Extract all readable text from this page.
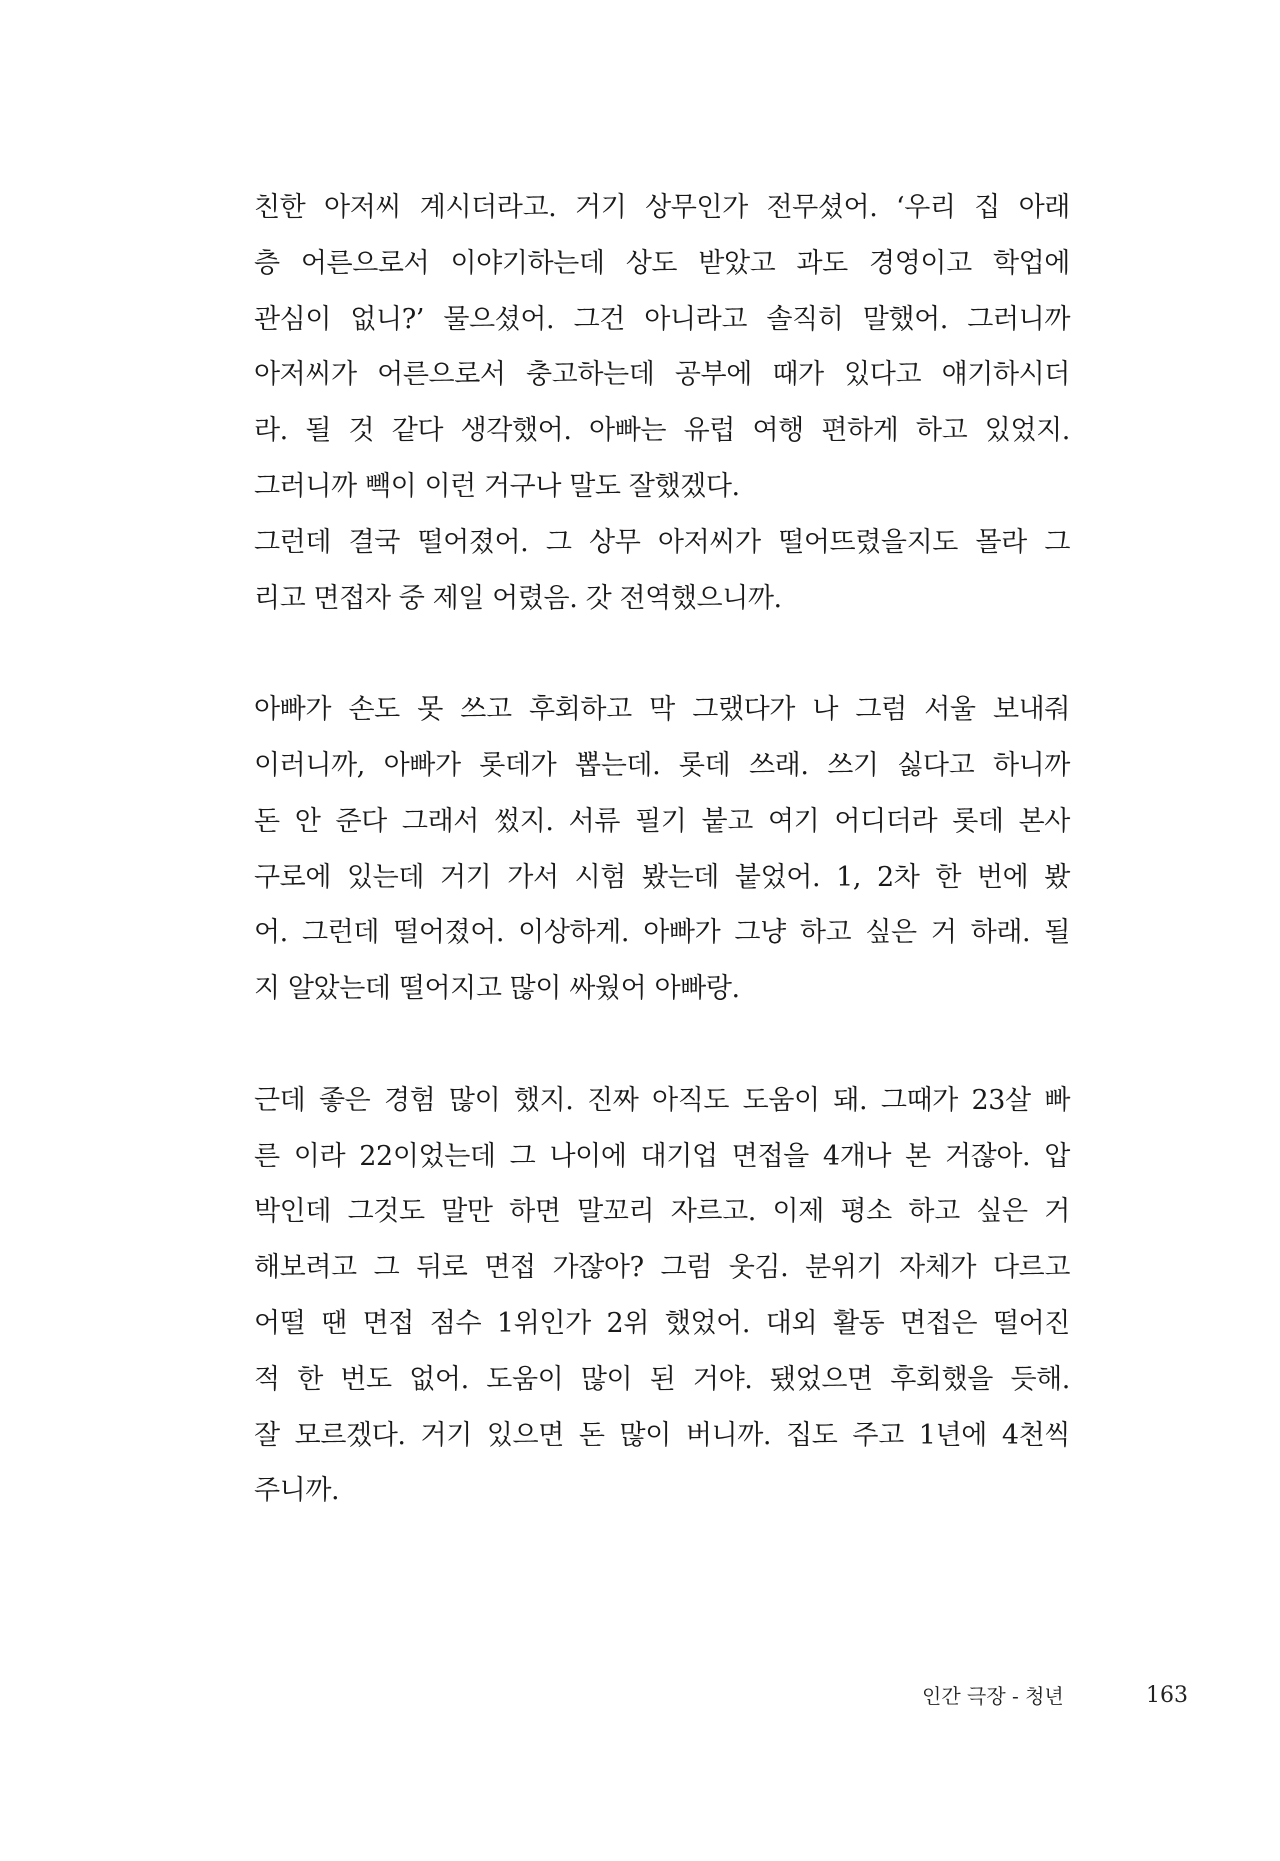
친한 아저씨 계시더라고. 거기 상무인가 전무셨어. ‘우리 집 아래
층 어른으로서 이야기하는데 상도 받았고 과도 경영이고 학업에
관심이 없니?’ 물으셨어. 그건 아니라고 솔직히 말했어. 그러니까
아저씨가 어른으로서 충고하는데 공부에 때가 있다고 얘기하시더
라. 될 것 같다 생각했어. 아빠는 유럽 여행 편하게 하고 있었지.
그러니까 빽이 이런 거구나 말도 잘했겠다.
그런데 결국 떨어졌어. 그 상무 아저씨가 떨어뜨렸을지도 몰라 그
리고 면접자 중 제일 어렸음. 갓 전역했으니까.
아빠가 손도 못 쓰고 후회하고 막 그랬다가 나 그럼 서울 보내줘
이러니까, 아빠가 롯데가 뽑는데. 롯데 쓰래. 쓰기 싫다고 하니까
돈 안 준다 그래서 썼지. 서류 필기 붙고 여기 어디더라 롯데 본사
구로에 있는데 거기 가서 시험 봤는데 붙었어. 1, 2차 한 번에 봤
어. 그런데 떨어졌어. 이상하게. 아빠가 그냥 하고 싶은 거 하래. 될
지 알았는데 떨어지고 많이 싸웠어 아빠랑.
근데 좋은 경험 많이 했지. 진짜 아직도 도움이 돼. 그때가 23살 빠
른 이라 22이었는데 그 나이에 대기업 면접을 4개나 본 거잖아. 압
박인데 그것도 말만 하면 말꼬리 자르고. 이제 평소 하고 싶은 거
해보려고 그 뒤로 면접 가잖아? 그럼 웃김. 분위기 자체가 다르고
어떨 땐 면접 점수 1위인가 2위 했었어. 대외 활동 면접은 떨어진
적 한 번도 없어. 도움이 많이 된 거야. 됐었으면 후회했을 듯해.
잘 모르겠다. 거기 있으면 돈 많이 버니까. 집도 주고 1년에 4천씩
주니까.
인간 극장 - 청년	163
